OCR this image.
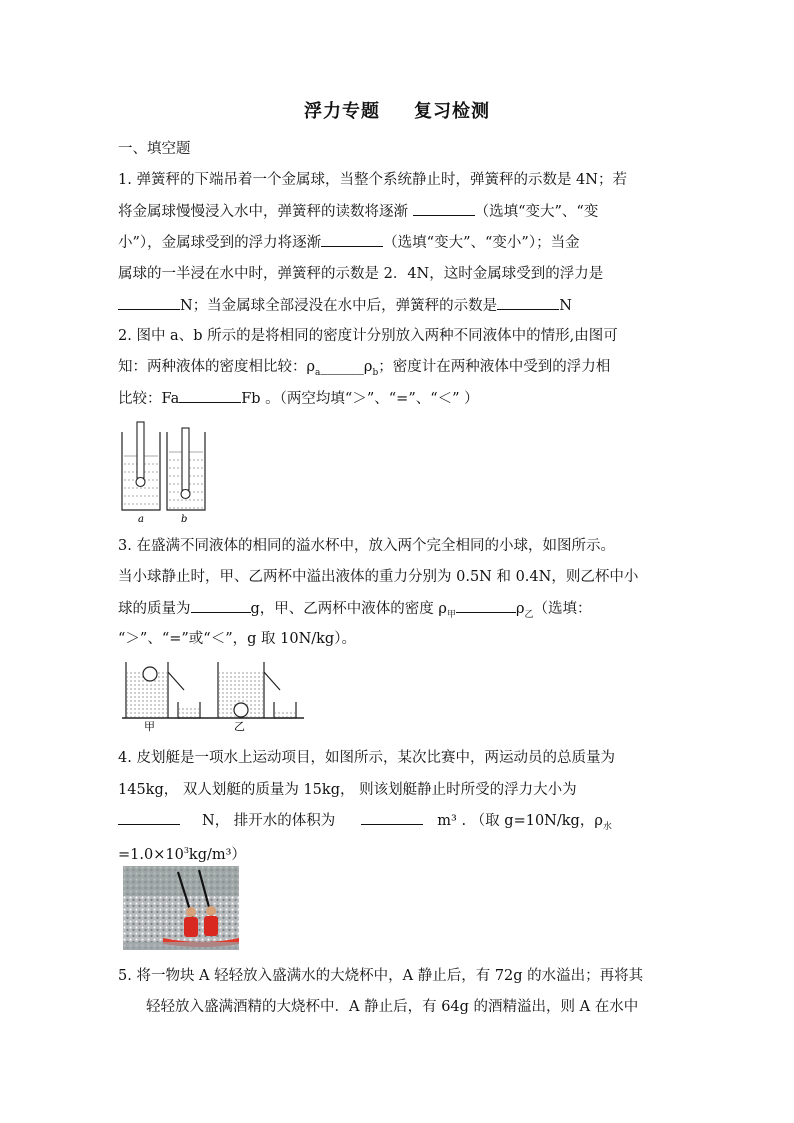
浮力专题 复习检测
一、填空题
1. 弹簧秤的下端吊着一个金属球，当整个系统静止时，弹簧秤的示数是 4N；若
将金属球慢慢浸入水中，弹簧秤的读数将逐渐	（选填“变大”、“变
小”），金属球受到的浮力将逐渐	（选填“变大”、“变小”）；当金
属球的一半浸在水中时，弹簧秤的示数是 2．4N，这时金属球受到的浮力是
N；当金属球全部浸没在水中后，弹簧秤的示数是	N
2. 图中 a、b 所示的是将相同的密度计分别放入两种不同液体中的情形,由图可
知：两种液体的密度相比较：$\rho_a\_\_\_\_\_\_\rho_b$；密度计在两种液体中受到的浮力相
比较：Fa	Fb 。（两空均填“＞”、“=”、“＜” ）
a	b
3. 在盛满不同液体的相同的溢水杯中，放入两个完全相同的小球，如图所示。
当小球静止时，甲、乙两杯中溢出液体的重力分别为 0.5N 和 0.4N，则乙杯中小
球的质量为	g，甲、乙两杯中液体的密度 $\rho_甲$	$\rho_乙$（选填：
“＞”、“=”或“＜”，g 取 10N/kg）。
甲	乙
4. 皮划艇是一项水上运动项目，如图所示，某次比赛中，两运动员的总质量为
145kg， 双人划艇的质量为 15kg， 则该划艇静止时所受的浮力大小为
N， 排开水的体积为	m³ . （取 g=10N/kg，$\rho_水$
$=1.0\times 10^3kg/m^3$）
5. 将一物块 A 轻轻放入盛满水的大烧杯中，A 静止后，有 72g 的水溢出；再将其
轻轻放入盛满酒精的大烧杯中．A 静止后，有 64g 的酒精溢出，则 A 在水中
